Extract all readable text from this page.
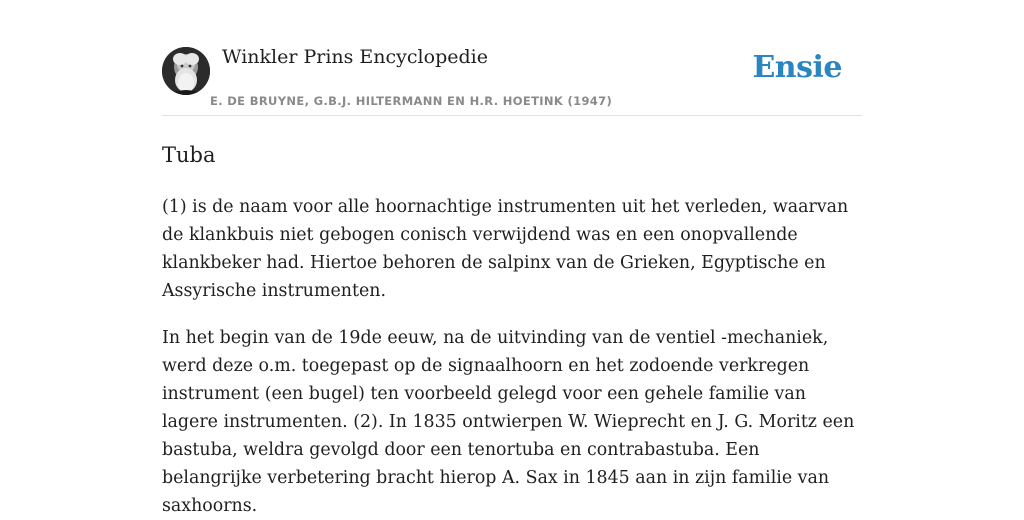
Winkler Prins Encyclopedie
E. DE BRUYNE, G.B.J. HILTERMANN EN H.R. HOETINK (1947)
Ensie
Tuba

(1) is de naam voor alle hoornachtige instrumenten uit het verleden, waarvan de klankbuis niet gebogen conisch verwijdend was en een onopvallende klankbeker had. Hiertoe behoren de salpinx van de Grieken, Egyptische en Assyrische instrumenten.

In het begin van de 19de eeuw, na de uitvinding van de ventiel -mechaniek, werd deze o.m. toegepast op de signaalhoorn en het zodoende verkregen instrument (een bugel) ten voorbeeld gelegd voor een gehele familie van lagere instrumenten. (2). In 1835 ontwierpen W. Wieprecht en J. G. Moritz een bastuba, weldra gevolgd door een tenortuba en contrabastuba. Een belangrijke verbetering bracht hierop A. Sax in 1845 aan in zijn familie van saxhoorns.
